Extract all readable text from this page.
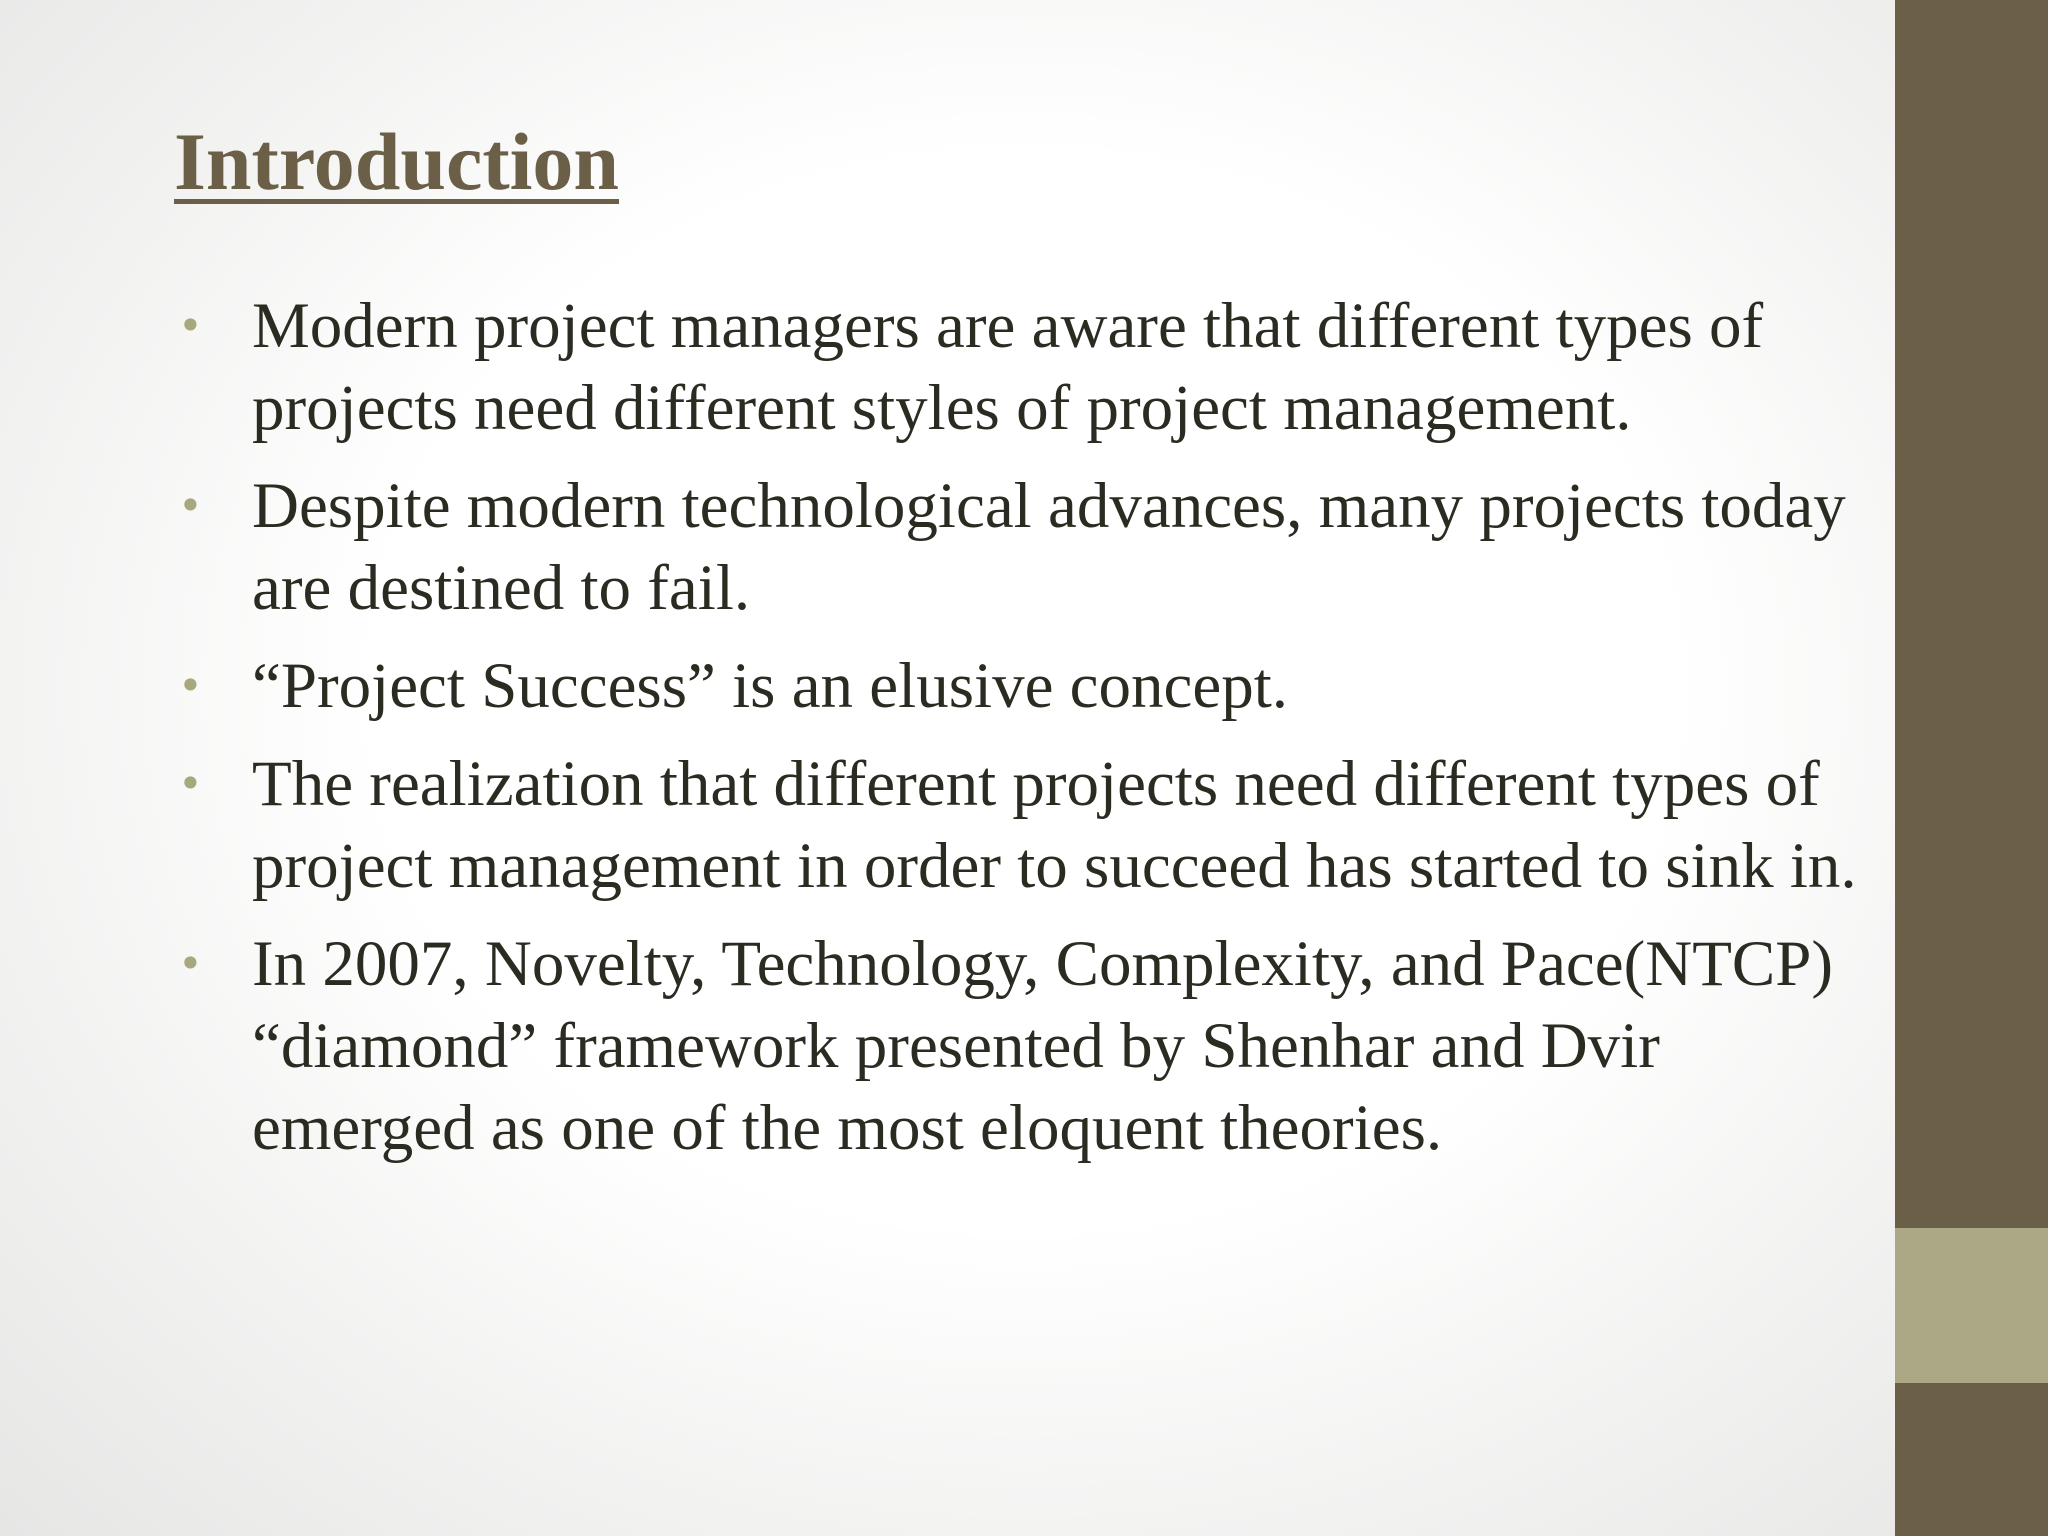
Introduction
• Modern project managers are aware that different types of projects need different styles of project management.
• Despite modern technological advances, many projects today are destined to fail.
• “Project Success” is an elusive concept.
• The realization that different projects need different types of project management in order to succeed has started to sink in.
• In 2007, Novelty, Technology, Complexity, and Pace(NTCP) “diamond” framework presented by Shenhar and Dvir emerged as one of the most eloquent theories.
